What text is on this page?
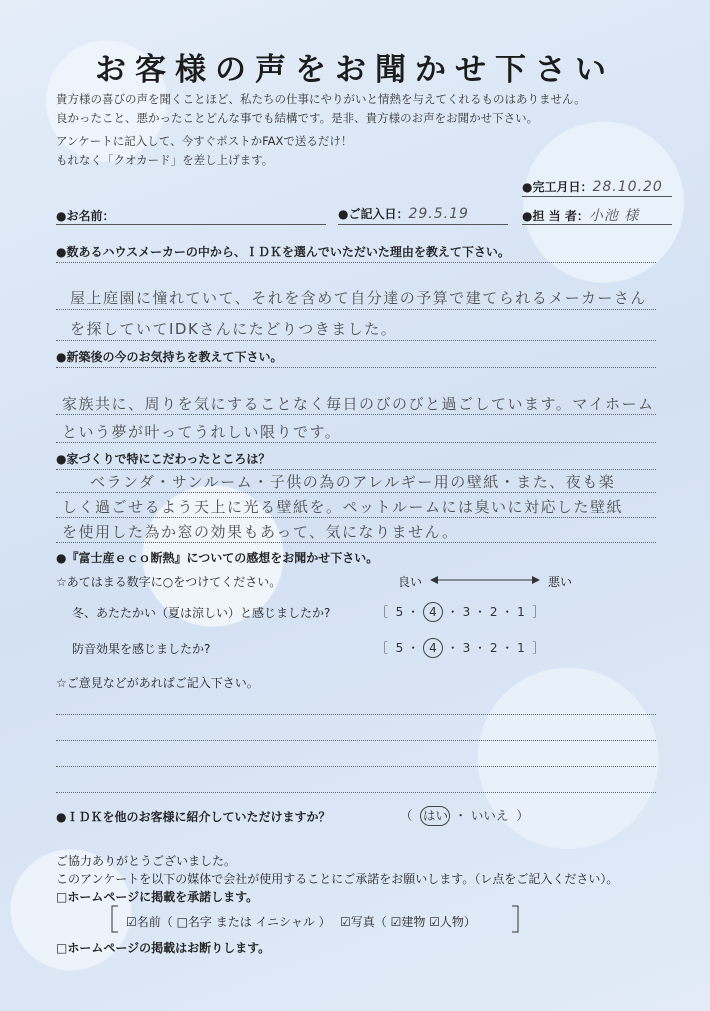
お客様の声をお聞かせ下さい
貴方様の喜びの声を聞くことほど、私たちの仕事にやりがいと情熱を与えてくれるものはありません。
良かったこと、悪かったことどんな事でも結構です。是非、貴方様のお声をお聞かせ下さい。
アンケートに記入して、今すぐポストかFAXで送るだけ！
もれなく「クオカード」を差し上げます。
●完工月日：28.10.20
●お名前：	●ご記入日：29.5.19	●担 当 者：小池 様
●数あるハウスメーカーの中から、ＩＤＫを選んでいただいた理由を教えて下さい。
屋上庭園に憧れていて、それを含めて自分達の予算で建てられるメーカーさん
を探していてIDKさんにたどりつきました。
●新築後の今のお気持ちを教えて下さい。
家族共に、周りを気にすることなく毎日のびのびと過ごしています。マイホーム
という夢が叶ってうれしい限りです。
●家づくりで特にこだわったところは？
ベランダ・サンルーム・子供の為のアレルギー用の壁紙・また、夜も楽
しく過ごせるよう天上に光る壁紙を。ペットルームには臭いに対応した壁紙
を使用した為か窓の効果もあって、気になりません。
●『富士産ｅｃｏ断熱』についての感想をお聞かせ下さい。
☆あてはまる数字に○をつけてください。	良い	悪い
冬、あたたかい（夏は涼しい）と感じましたか?	［  5 ・ 4 ・ 3 ・ 2 ・ 1  ］
防音効果を感じましたか?	［  5 ・ 4 ・ 3 ・ 2 ・ 1  ］
☆ご意見などがあればご記入下さい。
●ＩＤＫを他のお客様に紹介していただけますか？	（  はい ・ いいえ  ）
ご協力ありがとうございました。
このアンケートを以下の媒体で会社が使用することにご承諾をお願いします。（レ点をご記入ください）。
□ホームページに掲載を承諾します。
☑名前（ □名字 または イニシャル ） ☑写真（ ☑建物 ☑人物）
□ホームページの掲載はお断りします。
